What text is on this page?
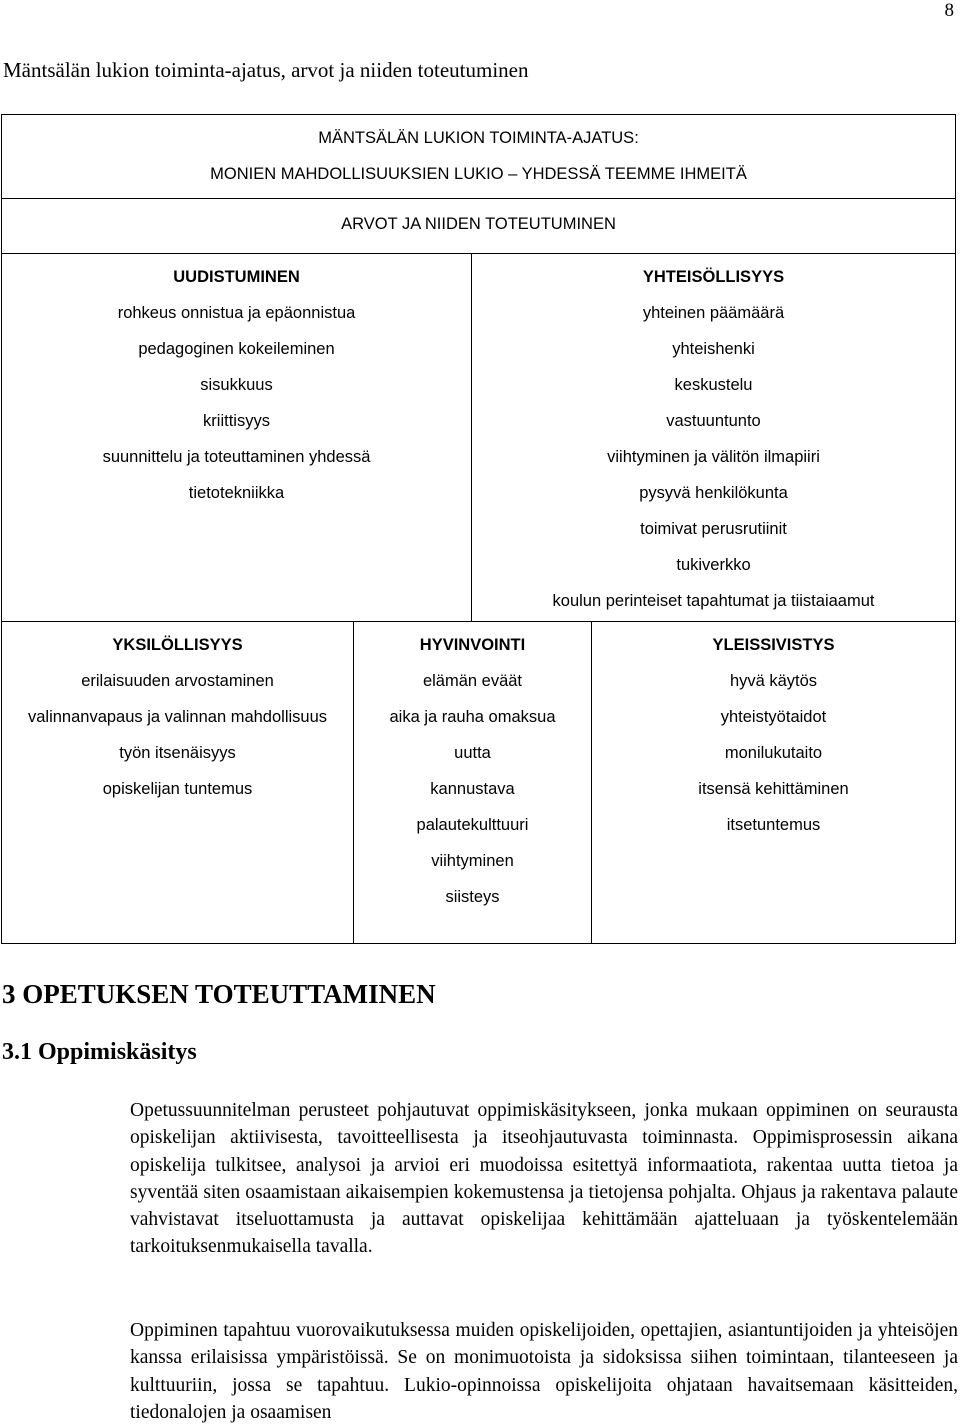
8
Mäntsälän lukion toiminta-ajatus, arvot ja niiden toteutuminen
MÄNTSÄLÄN LUKION TOIMINTA-AJATUS:
MONIEN MAHDOLLISUUKSIEN LUKIO – YHDESSÄ TEEMME IHMEITÄ
ARVOT JA NIIDEN TOTEUTUMINEN
UUDISTUMINEN
rohkeus onnistua ja epäonnistua
pedagoginen kokeileminen
sisukkuus
kriittisyys
suunnittelu ja toteuttaminen yhdessä
tietotekniikka
YHTEISÖLLISYYS
yhteinen päämäärä
yhteishenki
keskustelu
vastuuntunto
viihtyminen ja välitön ilmapiiri
pysyvä henkilökunta
toimivat perusrutiinit
tukiverkko
koulun perinteiset tapahtumat ja tiistaiaamut
YKSILÖLLISYYS
erilaisuuden arvostaminen
valinnanvapaus ja valinnan mahdollisuus
työn itsenäisyys
opiskelijan tuntemus
HYVINVOINTI
elämän eväät
aika ja rauha omaksua
uutta
kannustava
palautekulttuuri
viihtyminen
siisteys
YLEISSIVISTYS
hyvä käytös
yhteistyötaidot
monilukutaito
itsensä kehittäminen
itsetuntemus
3 OPETUKSEN TOTEUTTAMINEN
3.1 Oppimiskäsitys
Opetussuunnitelman perusteet pohjautuvat oppimiskäsitykseen, jonka mukaan oppiminen on seurausta opiskelijan aktiivisesta, tavoitteellisesta ja itseohjautuvasta toiminnasta. Oppimisprosessin aikana opiskelija tulkitsee, analysoi ja arvioi eri muodoissa esitettyä informaatiota, rakentaa uutta tietoa ja syventää siten osaamistaan aikaisempien kokemustensa ja tietojensa pohjalta. Ohjaus ja rakentava palaute vahvistavat itseluottamusta ja auttavat opiskelijaa kehittämään ajatteluaan ja työskentelemään tarkoituksenmukaisella tavalla.
Oppiminen tapahtuu vuorovaikutuksessa muiden opiskelijoiden, opettajien, asiantuntijoiden ja yhteisöjen kanssa erilaisissa ympäristöissä. Se on monimuotoista ja sidoksissa siihen toimintaan, tilanteeseen ja kulttuuriin, jossa se tapahtuu. Lukio-opinnoissa opiskelijoita ohjataan havaitsemaan käsitteiden, tiedonalojen ja osaamisen
